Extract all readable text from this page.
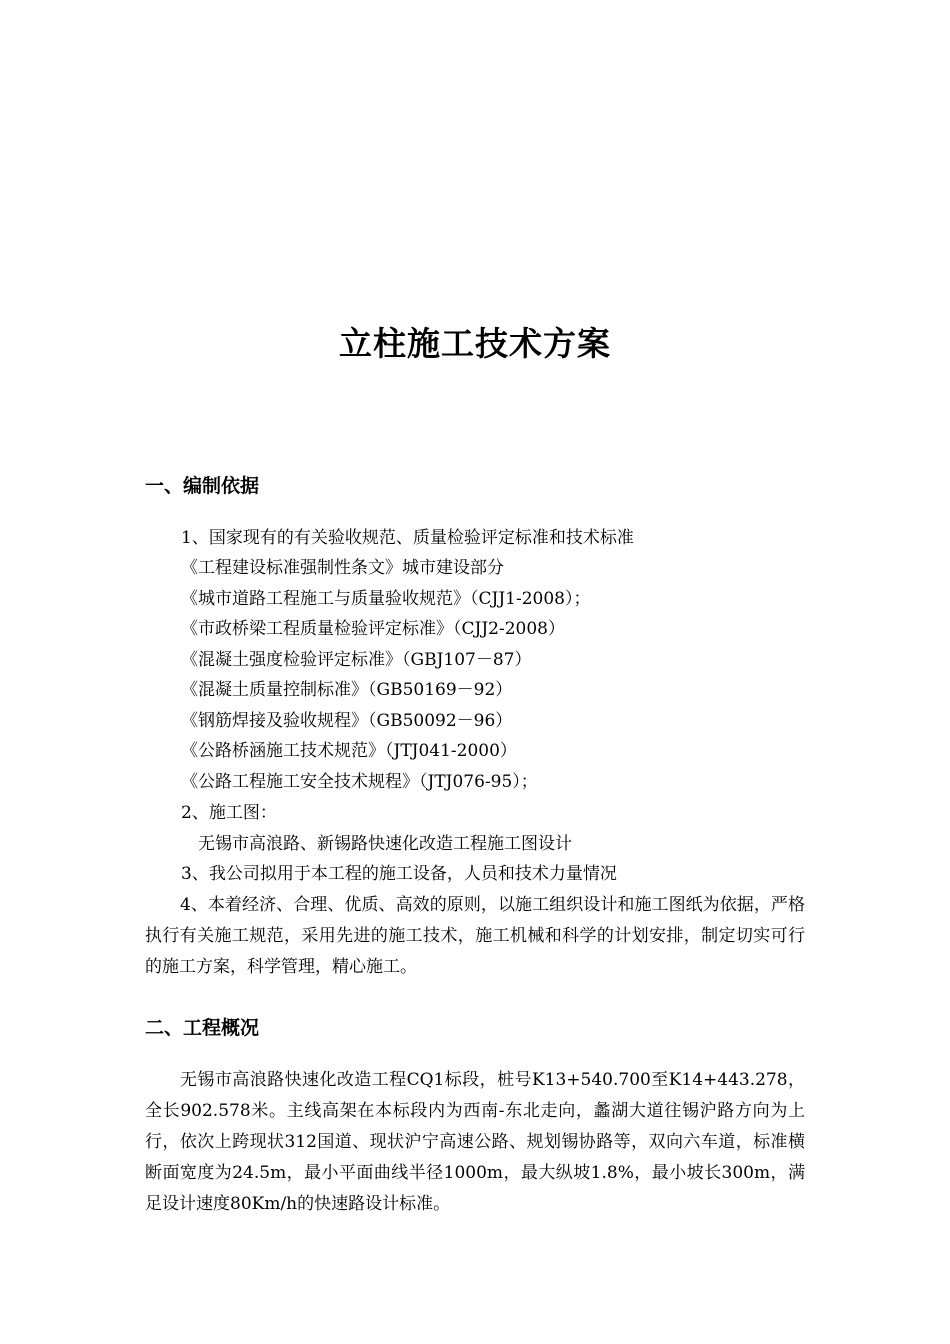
立柱施工技术方案
一、编制依据
1、国家现有的有关验收规范、质量检验评定标准和技术标准
《工程建设标准强制性条文》城市建设部分
《城市道路工程施工与质量验收规范》（CJJ1-2008）；
《市政桥梁工程质量检验评定标准》（CJJ2-2008）
《混凝土强度检验评定标准》（GBJ107－87）
《混凝土质量控制标准》（GB50169－92）
《钢筋焊接及验收规程》（GB50092－96）
《公路桥涵施工技术规范》（JTJ041-2000）
《公路工程施工安全技术规程》（JTJ076-95）；
2、施工图：
无锡市高浪路、新锡路快速化改造工程施工图设计
3、我公司拟用于本工程的施工设备，人员和技术力量情况

4、本着经济、合理、优质、高效的原则，以施工组织设计和施工图纸为依据，严格执行有关施工规范，采用先进的施工技术，施工机械和科学的计划安排，制定切实可行的施工方案，科学管理，精心施工。

二、工程概况

无锡市高浪路快速化改造工程CQ1标段，桩号K13+540.700至K14+443.278，全长902.578米。主线高架在本标段内为西南-东北走向，蠡湖大道往锡沪路方向为上行，依次上跨现状312国道、现状沪宁高速公路、规划锡协路等，双向六车道，标准横断面宽度为24.5m，最小平面曲线半径1000m，最大纵坡1.8%，最小坡长300m，满足设计速度80Km/h的快速路设计标准。
